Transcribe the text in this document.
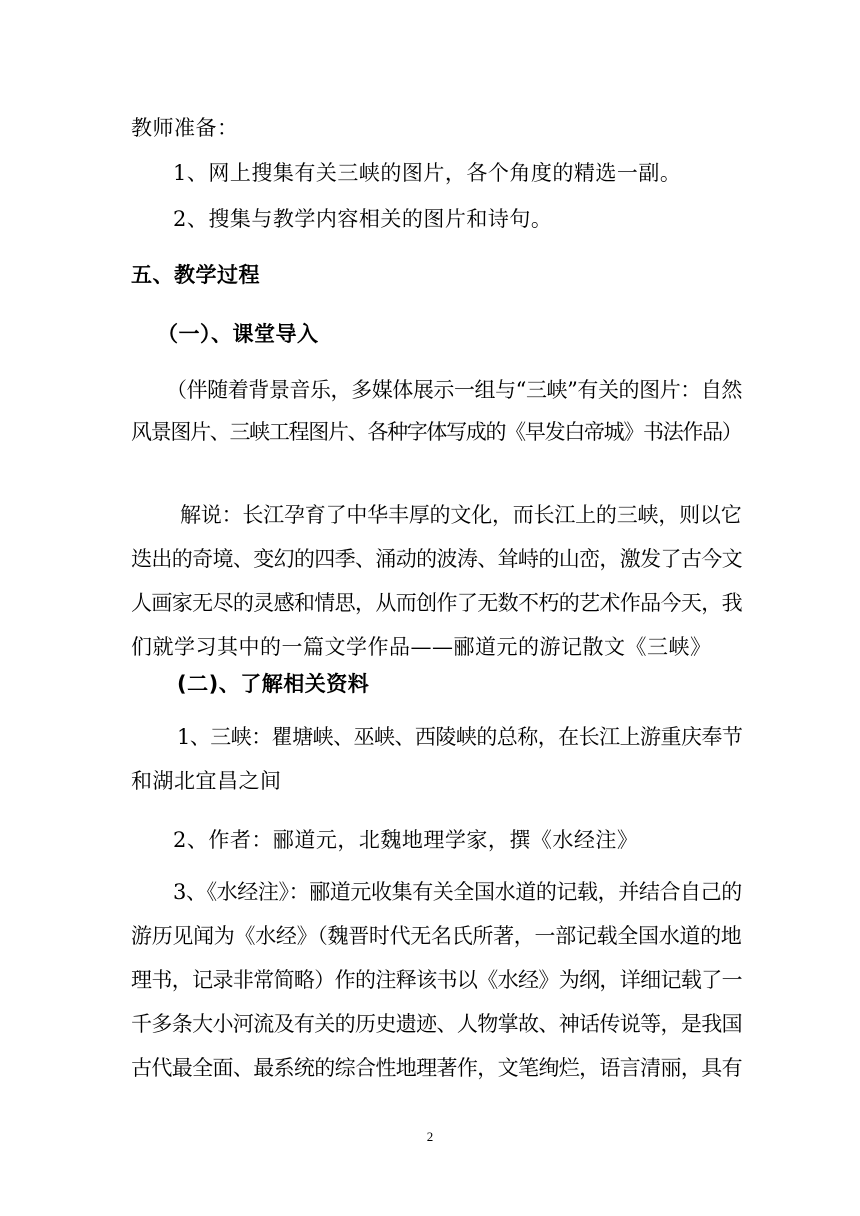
教师准备：
1、网上搜集有关三峡的图片，各个角度的精选一副。
2、搜集与教学内容相关的图片和诗句。
五、教学过程
（一）、课堂导入
（伴随着背景音乐，多媒体展示一组与“三峡”有关的图片：自然
风景图片、三峡工程图片、各种字体写成的《早发白帝城》书法作品）
解说：长江孕育了中华丰厚的文化，而长江上的三峡，则以它
迭出的奇境、变幻的四季、涌动的波涛、耸峙的山峦，激发了古今文
人画家无尽的灵感和情思，从而创作了无数不朽的艺术作品今天，我
们就学习其中的一篇文学作品——郦道元的游记散文《三峡》
(二)、了解相关资料
1、三峡：瞿塘峡、巫峡、西陵峡的总称，在长江上游重庆奉节
和湖北宜昌之间
2、作者：郦道元，北魏地理学家，撰《水经注》
3、《水经注》：郦道元收集有关全国水道的记载，并结合自己的
游历见闻为《水经》（魏晋时代无名氏所著，一部记载全国水道的地
理书，记录非常简略）作的注释该书以《水经》为纲，详细记载了一
千多条大小河流及有关的历史遗迹、人物掌故、神话传说等，是我国
古代最全面、最系统的综合性地理著作，文笔绚烂，语言清丽，具有
2
